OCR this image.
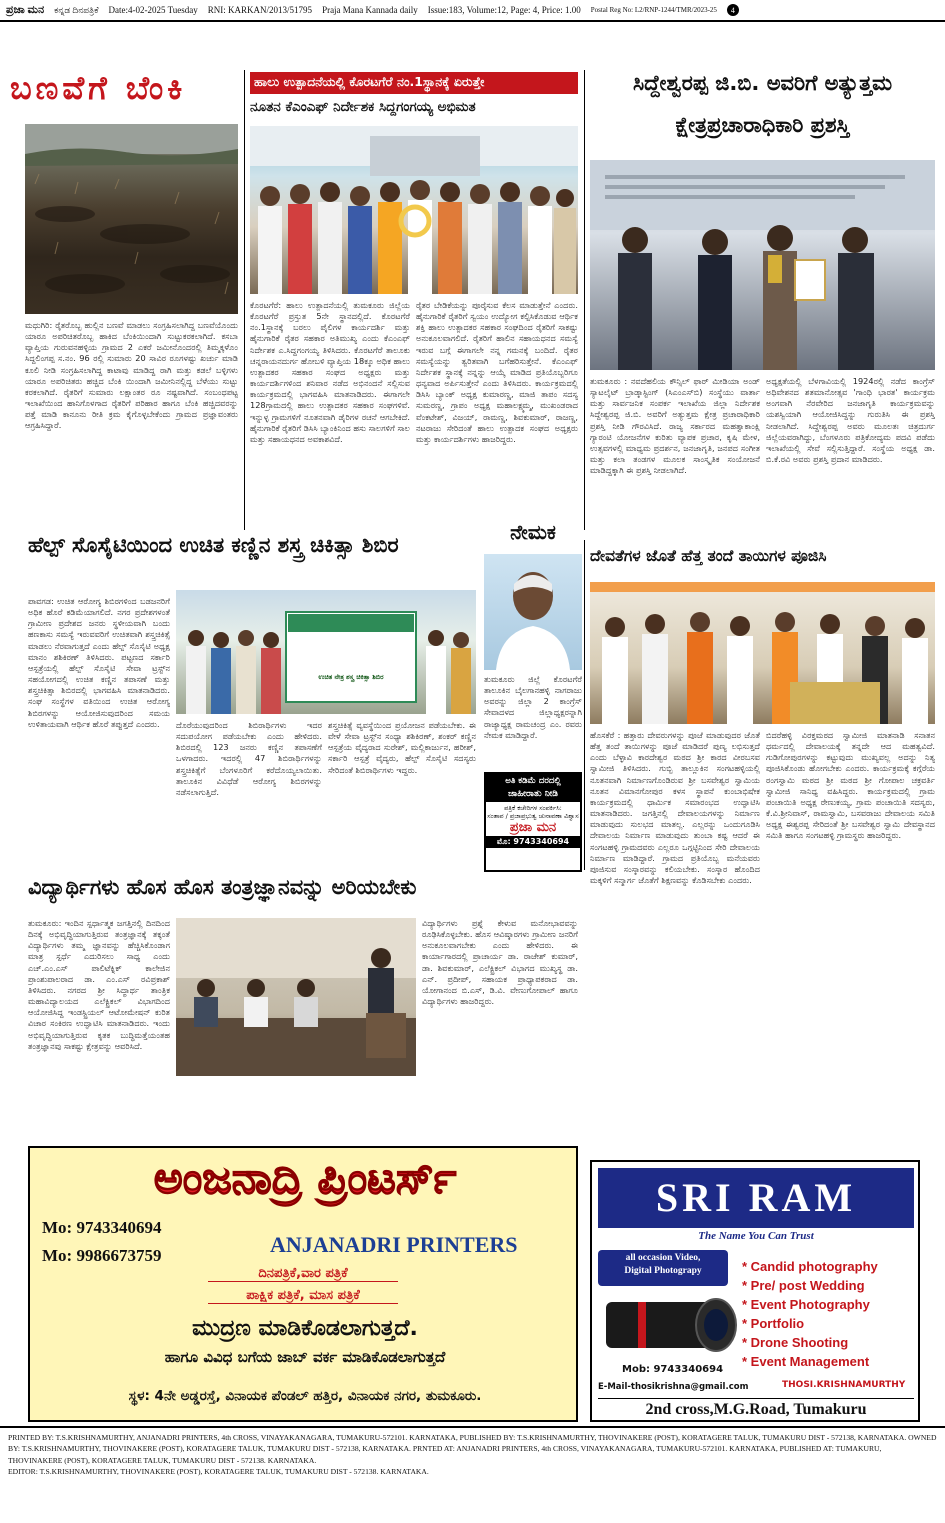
ಪ್ರಜಾ ಮನ ಕನ್ನಡ ದಿನಪತ್ರಿಕೆ Date:4-02-2025 Tuesday RNI: KARKAN/2013/51795 Praja Mana Kannada daily Issue:183, Volume:12, Page: 4, Price: 1.00 Postal Reg No: L2/RNP-1244/TMR/2023-25	4
ಬಣವೆಗೆ ಬೆಂಕಿ
ಮಧುಗಿರಿ: ರೈತರೊಬ್ಬ ಹುಲ್ಲಿನ ಬಣವೆ ಮಾಡಲು ಸಂಗ್ರಹಿಸಲಾಗಿದ್ದ ಬಣವೆಯೊಂದು ಯಾರೂ ಅಪರಿಚಿತರೊಬ್ಬ ಹಾಕಿದ ಬೆಂಕಿಯಿಂದಾಗಿ ಸುಟ್ಟುಕರಕಲಾಗಿದೆ. ಕಸಬಾ ವ್ಯಾಪ್ತಿಯ ಗುರುವನಹಳ್ಳಿಯ ಗ್ರಾಮದ 2 ಎಕರೆ ಜಮೀನೊಂದರಲ್ಲಿ ತಿಮ್ಮಕ್ಕಳೊಂ ಸಿದ್ದಲಿಂಗಪ್ಪ ಸ.ನಂ. 96 ರಲ್ಲಿ ಸುಮಾರು 20 ಸಾವಿರ ರೂಗಳಷ್ಟು ಖರ್ಚು ಮಾಡಿ ಕೂಲಿ ನೀಡಿ ಸಂಗ್ರಹಿಸಲಾಗಿದ್ದ ಕಾಟಾವು ಮಾಡಿದ್ದ ರಾಗಿ ಮತ್ತು ಕಡಲೆ ಬಳ್ಳಿಗಳು ಯಾರೂ ಅಪರಿಚಿತರು ಹಚ್ಚಿದ ಬೆಂಕಿ ಯಿಂದಾಗಿ ಜಮೀನಿನಲ್ಲಿದ್ದ ಬೆಳೆಯು ಸುಟ್ಟು ಕರಕಲಾಗಿದೆ. ರೈತರಿಗೆ ಸುಮಾರು ಲಕ್ಷಾಂತರ ರೂ ನಷ್ಟವಾಗಿದೆ. ಸಂಬಂಧಪಟ್ಟ ಇಲಾಖೆಯಿಂದ ಹಾನಿಗೊಳಗಾದ ರೈತರಿಗೆ ಪರಿಹಾರ ಹಾಗೂ ಬೆಂಕಿ ಹಚ್ಚಿದವರನ್ನು ಪತ್ತೆ ಮಾಡಿ ಕಾನೂನು ರೀತಿ ಕ್ರಮ ಕೈಗೊಳ್ಳಬೇಕೆಂದು ಗ್ರಾಮದ ಪ್ರಜ್ಞಾವಂತರು ಆಗ್ರಹಿಸಿದ್ದಾರೆ.
ಹಾಲು ಉತ್ಪಾದನೆಯಲ್ಲಿ ಕೊರಟಗೆರೆ ನಂ.1ಸ್ಥಾನಕ್ಕೆ ಏರುತ್ತೇ
ನೂತನ ಕೆಎಂಎಫ್ ನಿರ್ದೇಶಕ ಸಿದ್ದಗಂಗಯ್ಯ ಅಭಿಮತ
ಕೊರಟಗೆರೆ: ಹಾಲು ಉತ್ಪಾದನೆಯಲ್ಲಿ ತುಮಕೂರು ಜಿಲ್ಲೆಯ ಕೊರಟಗೆರೆ ಪ್ರಸ್ತುತ 5ನೇ ಸ್ಥಾನದಲ್ಲಿದೆ. ಕೊರಟಗೆರೆ ನಂ.1ಸ್ಥಾನಕ್ಕೆ ಬರಲು ಪೈಲಿಗಳ ಕಾರ್ಯದರ್ಶಿ ಮತ್ತು ಹೈನುಗಾರಿಕೆ ರೈತರ ಸಹಕಾರ ಅತಿಮುಖ್ಯ ಎಂದು ಕೆಎಂಎಫ್ ನಿರ್ದೇಶಕ ಎ.ಸಿದ್ದಗಂಗಯ್ಯ ತಿಳಿಸಿದರು. ಕೊರಟಗೆರೆ ತಾಲೂಕು ಚನ್ನರಾಯನದುರ್ಗ ಹೋಬಳಿ ವ್ಯಾಪ್ತಿಯ 18ಕ್ಕೂ ಅಧಿಕ ಹಾಲು ಉತ್ಪಾದಕರ ಸಹಕಾರ ಸಂಘದ ಅಧ್ಯಕ್ಷರು ಮತ್ತು ಕಾರ್ಯದರ್ಶಿಗಳಿಂದ ಶನಿವಾರ ನಡೆದ ಅಭಿನಂದನೆ ಸಲ್ಲಿಸುವ ಕಾರ್ಯಕ್ರಮದಲ್ಲಿ ಭಾಗವಹಿಸಿ ಮಾತನಾಡಿದರು. ಈಗಾಗಲೇ 128ಗ್ರಾಮದಲ್ಲಿ ಹಾಲು ಉತ್ಪಾದಕರ ಸಹಕಾರ ಸಂಘಗಳಿವೆ. ಇನ್ನುಳ್ಳ ಗ್ರಾಮಗಳಿಗೆ ನೂತನವಾಗಿ ಡೈರಿಗಳ ರಚನೆ ಆಗಬೇಕಿದೆ. ಹೈನುಗಾರಿಕೆ ರೈತರಿಗೆ ಡಿಸಿಸಿ ಬ್ಯಾಂಕಿನಿಂದ ಹಸು ಸಾಲಗಳಿಗೆ ಸಾಲ ಮತ್ತು ಸಹಾಯಧನದ ಅವಕಾಶವಿದೆ.
ರೈತರ ಬೇಡಿಕೆಯನ್ನು ಪೂರೈಸುವ ಕೆಲಸ ಮಾಡುತ್ತೇನೆ ಎಂದರು. ಹೈನುಗಾರಿಕೆ ರೈತರಿಗೆ ಸ್ವಯಂ ಉದ್ಯೋಗ ಕಲ್ಪಿಸಿಕೊಡುವ ಆರ್ಥಿಕ ಶಕ್ತಿ ಹಾಲು ಉತ್ಪಾದಕರ ಸಹಕಾರ ಸಂಘದಿಂದ ರೈತರಿಗೆ ಸಾಕಷ್ಟು ಅನುಕೂಲವಾಗಲಿದೆ. ರೈತರಿಗೆ ಹಾಲಿನ ಸಹಾಯಧನದ ಸಮಸ್ಯೆ ಇರುವ ಬಗ್ಗೆ ಈಗಾಗಲೇ ನನ್ನ ಗಮನಕ್ಕೆ ಬಂದಿದೆ. ರೈತರ ಸಮಸ್ಯೆಯನ್ನು ತ್ವರಿತವಾಗಿ ಬಗೆಹರಿಸುತ್ತೇನೆ. ಕೆಎಂಎಫ್ ನಿರ್ದೇಶಕ ಸ್ಥಾನಕ್ಕೆ ನನ್ನನ್ನು ಆಯ್ಕೆ ಮಾಡಿದ ಪ್ರತಿಯೊಬ್ಬರಿಗೂ ಧನ್ಯವಾದ ಅರ್ಪಿಸುತ್ತೇನೆ ಎಂದು ತಿಳಿಸಿದರು. ಕಾರ್ಯಕ್ರಮದಲ್ಲಿ ಡಿಸಿಸಿ ಬ್ಯಾಂಕ್ ಅಧ್ಯಕ್ಷ ಕುಮಾರಣ್ಣ, ಮಾಜಿ ತಾಪಂ ಸದಸ್ಯ ಸುಮರಣ್ಣ, ಗ್ರಾಪಂ ಅಧ್ಯಕ್ಷ ಮಹಾಲಕ್ಷ್ಮಮ್ಮ, ಮುಖಂಡರಾದ ವೆಂಕಟೇಶ್, ವಿಜಯ್, ರಾಮಣ್ಣ, ಶಿವಕುಮಾರ್, ರಾಜಣ್ಣ, ನಟರಾಜು ಸೇರಿದಂತೆ ಹಾಲು ಉತ್ಪಾದಕ ಸಂಘದ ಅಧ್ಯಕ್ಷರು ಮತ್ತು ಕಾರ್ಯದರ್ಶಿಗಳು ಹಾಜರಿದ್ದರು.
ಸಿದ್ದೇಶ್ವರಪ್ಪ ಜಿ.ಬಿ. ಅವರಿಗೆ ಅತ್ಯುತ್ತಮ
ಕ್ಷೇತ್ರಪ್ರಚಾರಾಧಿಕಾರಿ ಪ್ರಶಸ್ತಿ
ತುಮಕೂರು : ನವದೆಹಲಿಯ ಕೌನ್ಸಿಲ್ ಫಾರ್ ಮೀಡಿಯಾ ಅಂಡ್ ಸ್ಯಾಟಲೈಟ್ ಬ್ರಾಡ್ಕಾಸ್ಟಿಂಗ್ (ಸಿಎಂಎಸ್‌ಬಿ) ಸಂಸ್ಥೆಯು ವಾರ್ತಾ ಮತ್ತು ಸಾರ್ವಜನಿಕ ಸಂಪರ್ಕ ಇಲಾಖೆಯ ಜಿಲ್ಲಾ ನಿರ್ದೇಶಕ ಸಿದ್ದೇಶ್ವರಪ್ಪ ಜಿ.ಬಿ. ಅವರಿಗೆ ಅತ್ಯುತ್ತಮ ಕ್ಷೇತ್ರ ಪ್ರಚಾರಾಧಿಕಾರಿ ಪ್ರಶಸ್ತಿ ನೀಡಿ ಗೌರವಿಸಿದೆ. ರಾಜ್ಯ ಸರ್ಕಾರದ ಮಹತ್ವಾಕಾಂಕ್ಷಿ ಗ್ಯಾರಂಟಿ ಯೋಜನೆಗಳ ಕುರಿತು ವ್ಯಾಪಕ ಪ್ರಚಾರ, ಕೃಷಿ ಮೇಳ, ಉತ್ಸವಗಳಲ್ಲಿ ಮಾಧ್ಯಮ ಪ್ರದರ್ಶನ, ಜನಜಾಗೃತಿ, ಜನಪದ ಸಂಗೀತ ಮತ್ತು ಕಲಾ ತಂಡಗಳ ಮೂಲಕ ಸಾಂಸ್ಕೃತಿಕ ಸಂಯೋಜನೆ ಮಾಡಿದ್ದಕ್ಕಾಗಿ ಈ ಪ್ರಶಸ್ತಿ ನೀಡಲಾಗಿದೆ.
ಅಧ್ಯಕ್ಷತೆಯಲ್ಲಿ ಬೆಳಗಾವಿಯಲ್ಲಿ 1924ರಲ್ಲಿ ನಡೆದ ಕಾಂಗ್ರೆಸ್ ಅಧಿವೇಶನದ ಶತಮಾನೋತ್ಸವ 'ಗಾಂಧಿ ಭಾರತ' ಕಾರ್ಯಕ್ರಮ ಅಂಗವಾಗಿ ನೆರವೇರಿದ ಜನಜಾಗೃತಿ ಕಾರ್ಯಕ್ರಮವನ್ನು ಯಶಸ್ವಿಯಾಗಿ ಆಯೋಜಿಸಿದ್ದನ್ನು ಗುರುತಿಸಿ ಈ ಪ್ರಶಸ್ತಿ ನೀಡಲಾಗಿದೆ. ಸಿದ್ದೇಶ್ವರಪ್ಪ ಅವರು ಮೂಲತಃ ಚಿತ್ರದುರ್ಗ ಜಿಲ್ಲೆಯವರಾಗಿದ್ದು, ಬೆಂಗಳೂರು ಪತ್ರಿಕೋದ್ಯಮ ಪದವಿ ಪಡೆದು ಇಲಾಖೆಯಲ್ಲಿ ಸೇವೆ ಸಲ್ಲಿಸುತ್ತಿದ್ದಾರೆ. ಸಂಸ್ಥೆಯ ಅಧ್ಯಕ್ಷ ಡಾ. ಬಿ.ಕೆ.ರವಿ ಅವರು ಪ್ರಶಸ್ತಿ ಪ್ರದಾನ ಮಾಡಿದರು.
ಹೆಲ್ಪ್ ಸೊಸೈಟಿಯಿಂದ ಉಚಿತ ಕಣ್ಣಿನ ಶಸ್ತ್ರ ಚಿಕಿತ್ಸಾ ಶಿಬಿರ
ಪಾವಗಡ: ಉಚಿತ ಆರೋಗ್ಯ ಶಿಬಿರಗಳಿಂದ ಬಡಜನರಿಗೆ ಅಧಿಕ ಹೊರೆ ಕಡಿಮೆಯಾಗಲಿದೆ. ನಗರ ಪ್ರದೇಶಗಳಂತೆ ಗ್ರಾಮೀಣ ಪ್ರದೇಶದ ಜನರು ಸ್ಥಳೀಯವಾಗಿ ಬಂದು ಹಣಕಾಸು ಸಮಸ್ಯೆ ಇರುವವರಿಗೆ ಉಚಿತವಾಗಿ ಶಸ್ತ್ರಚಿಕಿತ್ಸೆ ಮಾಡಲು ನೆರವಾಗುತ್ತದೆ ಎಂದು ಹೆಲ್ಪ್ ಸೊಸೈಟಿ ಅಧ್ಯಕ್ಷ ಮಾನಂ ಶಶಿಕಿರಣ್ ತಿಳಿಸಿದರು. ಪಟ್ಟಣದ ಸರ್ಕಾರಿ ಆಸ್ಪತ್ರೆಯಲ್ಲಿ ಹೆಲ್ಪ್ ಸೊಸೈಟಿ ಸೇವಾ ಟ್ರಸ್ಟ್‌ನ ಸಹಯೋಗದಲ್ಲಿ ಉಚಿತ ಕಣ್ಣಿನ ತಪಾಸಣೆ ಮತ್ತು ಶಸ್ತ್ರಚಿಕಿತ್ಸಾ ಶಿಬಿರದಲ್ಲಿ ಭಾಗವಹಿಸಿ ಮಾತನಾಡಿದರು. ಸಂಘ ಸಂಸ್ಥೆಗಳ ವತಿಯಿಂದ ಉಚಿತ ಆರೋಗ್ಯ ಶಿಬಿರಗಳನ್ನು ಆಯೋಜಿಸುವುದರಿಂದ ಸಮಯ ಉಳಿತಾಯವಾಗಿ ಆರ್ಥಿಕ ಹೊರೆ ತಪ್ಪುತ್ತದೆ ಎಂದರು.
ಉಚಿತ ನೇತ್ರ ಶಸ್ತ್ರ ಚಿಕಿತ್ಸಾ ಶಿಬಿರ
ದೊರೆಯುವುದರಿಂದ ಶಿಬಿರಾರ್ಥಿಗಳು ಇದರ ಸದುಪಯೋಗ ಪಡೆಯಬೇಕು ಎಂದು ಹೇಳಿದರು. ಶಿಬಿರದಲ್ಲಿ 123 ಜನರು ಕಣ್ಣಿನ ತಪಾಸಣೆಗೆ ಒಳಗಾದರು. ಇದರಲ್ಲಿ 47 ಶಿಬಿರಾರ್ಥಿಗಳನ್ನು ಶಸ್ತ್ರಚಿಕಿತ್ಸೆಗೆ ಬೆಂಗಳೂರಿಗೆ ಕರೆದೊಯ್ಯಲಾಯಿತು. ತಾಲೂಕಿನ ವಿವಿಧೆಡೆ ಆರೋಗ್ಯ ಶಿಬಿರಗಳನ್ನು ನಡೆಸಲಾಗುತ್ತಿದೆ.
ಶಸ್ತ್ರಚಿಕಿತ್ಸೆ ವ್ಯವಸ್ಥೆಯಿಂದ ಪ್ರಯೋಜನ ಪಡೆಯಬೇಕು. ಈ ವೇಳೆ ಸೇವಾ ಟ್ರಸ್ಟ್‌ನ ಸಂಧ್ಯಾ ಶಶಿಕಿರಣ್, ಶಂಕರ್ ಕಣ್ಣಿನ ಆಸ್ಪತ್ರೆಯ ವೈದ್ಯರಾದ ಸುರೇಶ್, ಮಲ್ಲಿಕಾರ್ಜುನ, ಹರೀಶ್, ಸರ್ಕಾರಿ ಆಸ್ಪತ್ರೆ ವೈದ್ಯರು, ಹೆಲ್ಪ್ ಸೊಸೈಟಿ ಸದಸ್ಯರು ಸೇರಿದಂತೆ ಶಿಬಿರಾರ್ಥಿಗಳು ಇದ್ದರು.
ನೇಮಕ
ತುಮಕೂರು ಜಿಲ್ಲೆ ಕೊರಟಗೆರೆ ತಾಲೂಕಿನ ಬೈಲಗಾನಹಳ್ಳಿ ನಾಗರಾಜು ಅವರನ್ನು ಜಿಲ್ಲಾ 2 ಕಾಂಗ್ರೆಸ್ ಸೇವಾದಳದ ಜಿಲ್ಲಾಧ್ಯಕ್ಷರನ್ನಾಗಿ ರಾಜ್ಯಾಧ್ಯಕ್ಷ ರಾಮಚಂದ್ರ ಎಂ. ರವರು ನೇಮಕ ಮಾಡಿದ್ದಾರೆ.
ಅತಿ ಕಡಿಮೆ ದರದಲ್ಲಿ
ಜಾಹೀರಾತು ನೀಡಿ
ಪತ್ರಿಕೆ ಕಚೇರಿಗಳ ಸಂಪರ್ಕಿಸಿ:
ಸಂತಾಪ / ಪ್ರಜಾಪ್ರಭುತ್ವ ಚುನಾವಣಾ ವಿಶ್ವಾಸ
ಪ್ರಜಾ ಮನ
ಮೊ: 9743340694
ದೇವತೆಗಳ ಜೊತೆ ಹೆತ್ತ ತಂದೆ ತಾಯಿಗಳ ಪೂಜಿಸಿ
ಹೊಸಕೆರೆ : ಹತ್ತಾರು ದೇವರುಗಳನ್ನು ಪೂಜೆ ಮಾಡುವುದರ ಜೊತೆ ಹೆತ್ತ ತಂದೆ ತಾಯಿಗಳನ್ನು ಪೂಜೆ ಮಾಡಿದರೆ ಪುಣ್ಯ ಲಭಿಸುತ್ತದೆ ಎಂದು ಬೆಳ್ಳಾವಿ ಕಾರದೇಶ್ವರ ಮಠದ ಶ್ರೀ ಕಾರದ ವೀರಬಸವ ಸ್ವಾಮೀಜಿ ತಿಳಿಸಿದರು. ಗುಬ್ಬಿ ತಾಲ್ಲೂಕಿನ ಸಂಗಟಹಳ್ಳಿಯಲ್ಲಿ ನೂತನವಾಗಿ ನಿರ್ಮಾಣಗೊಂಡಿರುವ ಶ್ರೀ ಬಸವೇಶ್ವರ ಸ್ವಾಮಿಯ ನೂತನ ವಿಮಾನಗೋಪುರ ಕಳಸ ಸ್ಥಾಪನೆ ಕುಂಬಾಭಿಷೇಕ ಕಾರ್ಯಕ್ರಮದಲ್ಲಿ ಧಾರ್ಮಿಕ ಸಮಾರಂಭದ ಉದ್ಘಾಟಿಸಿ ಮಾತನಾಡಿದರು. ಜಗತ್ತಿನಲ್ಲಿ ದೇವಾಲಯಗಳನ್ನು ನಿರ್ಮಾಣ ಮಾಡುವುದು ಸುಲಭದ ಮಾತಲ್ಲ. ಎಲ್ಲರನ್ನು ಒಂದುಗೂಡಿಸಿ ದೇವಾಲಯ ನಿರ್ಮಾಣ ಮಾಡುವುದು ತುಂಬಾ ಕಷ್ಟ ಆದರೆ ಈ ಸಂಗಟಹಳ್ಳಿ ಗ್ರಾಮದವರು ಎಲ್ಲರೂ ಒಗ್ಗಟ್ಟಿನಿಂದ ಸೇರಿ ದೇವಾಲಯ ನಿರ್ಮಾಣ ಮಾಡಿದ್ದಾರೆ. ಗ್ರಾಮದ ಪ್ರತಿಯೊಬ್ಬ ಮನೆಯವರು ಪೂಜಿಸುವ ಸಂಸ್ಕಾರವನ್ನು ಕಲಿಯಬೇಕು. ಸಂಸ್ಕಾರ ಹೊಂದಿದ ಮಕ್ಕಳಿಗೆ ಸನ್ಮಾರ್ಗ ಜೊತೆಗೆ ಶಿಕ್ಷಣವನ್ನು ಕೊಡಿಸಬೇಕು ಎಂದರು.
ಬಿದರೆಹಳ್ಳಿ ವಿರಕ್ತಮಠದ ಸ್ವಾಮೀಜಿ ಮಾತನಾಡಿ ಸನಾತನ ಧರ್ಮದಲ್ಲಿ ದೇವಾಲಯಕ್ಕೆ ತನ್ನದೇ ಆದ ಮಹತ್ವವಿದೆ. ಗುಡಿಗೋಪುರಗಳನ್ನು ಕಟ್ಟುವುದು ಮುಖ್ಯವಲ್ಲ ಅದನ್ನು ನಿತ್ಯ ಪೂಜಿಸಿಕೊಂಡು ಹೋಗಬೇಕು ಎಂದರು. ಕಾರ್ಯಕ್ರಮಕ್ಕೆ ಕಗ್ಗೆರೆಯ ರಂಗಸ್ವಾಮಿ ಮಠದ ಶ್ರೀ ಮಠದ ಶ್ರೀ ಗೋಪಾಲ ಚಕ್ರವರ್ತಿ ಸ್ವಾಮೀಜಿ ಸಾನಿಧ್ಯ ವಹಿಸಿದ್ದರು. ಕಾರ್ಯಕ್ರಮದಲ್ಲಿ ಗ್ರಾಮ ಪಂಚಾಯಿತಿ ಅಧ್ಯಕ್ಷ ರೇಣುಕಯ್ಯ, ಗ್ರಾಮ ಪಂಚಾಯಿತಿ ಸದಸ್ಯರು, ಕೆ.ವಿ.ಶ್ರೀನಿವಾಸ್, ರಾಮಸ್ವಾಮಿ, ಬಸವರಾಜು ದೇವಾಲಯ ಸಮಿತಿ ಅಧ್ಯಕ್ಷ ಈಶ್ವರಪ್ಪ ಸೇರಿದಂತೆ ಶ್ರೀ ಬಸವೇಶ್ವರ ಸ್ವಾಮಿ ದೇವಸ್ಥಾನದ ಸಮಿತಿ ಹಾಗೂ ಸಂಗಟಹಳ್ಳಿ ಗ್ರಾಮಸ್ಥರು ಹಾಜರಿದ್ದರು.
ವಿದ್ಯಾರ್ಥಿಗಳು ಹೊಸ ಹೊಸ ತಂತ್ರಜ್ಞಾನವನ್ನು ಅರಿಯಬೇಕು
ತುಮಕೂರು: ಇಂದಿನ ಸ್ಪರ್ಧಾತ್ಮಕ ಜಗತ್ತಿನಲ್ಲಿ ದಿನದಿಂದ ದಿನಕ್ಕೆ ಅಭಿವೃದ್ಧಿಯಾಗುತ್ತಿರುವ ತಂತ್ರಜ್ಞಾನಕ್ಕೆ ತಕ್ಕಂತೆ ವಿದ್ಯಾರ್ಥಿಗಳು ತಮ್ಮ ಜ್ಞಾನವನ್ನು ಹೆಚ್ಚಿಸಿಕೊಂಡಾಗ ಮಾತ್ರ ಸ್ಪರ್ಧೆ ಎದುರಿಸಲು ಸಾಧ್ಯ ಎಂದು ಎಚ್.ಎಂ.ಎಸ್ ಪಾಲಿಟೆಕ್ನಿಕ್ ಕಾಲೇಜಿನ ಪ್ರಾಂಶುಪಾಲರಾದ ಡಾ. ಎಂ.ಎಸ್ ರವಿಪ್ರಕಾಶ್ ತಿಳಿಸಿದರು. ನಗರದ ಶ್ರೀ ಸಿದ್ಧಾರ್ಥ ತಾಂತ್ರಿಕ ಮಹಾವಿದ್ಯಾಲಯದ ಎಲೆಕ್ಟ್ರಿಕಲ್ ವಿಭಾಗದಿಂದ ಆಯೋಜಿಸಿದ್ದ ಇಂಡಸ್ಟ್ರಿಯಲ್ ಆಟೋಮೇಷನ್ ಕುರಿತ ವಿಚಾರ ಸಂಕಿರಣ ಉದ್ಘಾಟಿಸಿ ಮಾತನಾಡಿದರು. ಇಂದು ಅಭಿವೃದ್ಧಿಯಾಗುತ್ತಿರುವ ಕೃತಕ ಬುದ್ಧಿಮತ್ತೆಯಂತಹ ತಂತ್ರಜ್ಞಾನವು ಸಾಕಷ್ಟು ಕ್ಷೇತ್ರವನ್ನು ಆವರಿಸಿದೆ.
ವಿದ್ಯಾರ್ಥಿಗಳು ಪ್ರಶ್ನೆ ಕೇಳುವ ಮನೋಭಾವವನ್ನು ರೂಢಿಸಿಕೊಳ್ಳಬೇಕು. ಹೊಸ ಆವಿಷ್ಕಾರಗಳು ಗ್ರಾಮೀಣ ಜನರಿಗೆ ಅನುಕೂಲವಾಗಬೇಕು ಎಂದು ಹೇಳಿದರು. ಈ ಕಾರ್ಯಾಗಾರದಲ್ಲಿ ಪ್ರಾಚಾರ್ಯ ಡಾ. ರಾಜೇಶ್ ಕುಮಾರ್, ಡಾ. ಶಿವಕುಮಾರ್, ಎಲೆಕ್ಟ್ರಿಕಲ್ ವಿಭಾಗದ ಮುಖ್ಯಸ್ಥ ಡಾ. ಎನ್. ಪ್ರದೀಪ್, ಸಹಾಯಕ ಪ್ರಾಧ್ಯಾಪಕರಾದ ಡಾ. ಯೋಗಾನಂದ ಬಿ.ಎಸ್, ಡಿ.ವಿ. ವೇಣುಗೋಪಾಲ್ ಹಾಗೂ ವಿದ್ಯಾರ್ಥಿಗಳು ಹಾಜರಿದ್ದರು.
ಅಂಜನಾದ್ರಿ ಪ್ರಿಂಟರ್ಸ್
Mo: 9743340694
Mo: 9986673759	ANJANADRI PRINTERS
ದಿನಪತ್ರಿಕೆ,ವಾರ ಪತ್ರಿಕೆ
ಪಾಕ್ಷಿಕ ಪತ್ರಿಕೆ, ಮಾಸ ಪತ್ರಿಕೆ
ಮುದ್ರಣ ಮಾಡಿಕೊಡಲಾಗುತ್ತದೆ.
ಹಾಗೂ ವಿವಿಧ ಬಗೆಯ ಜಾಬ್ ವರ್ಕ ಮಾಡಿಕೊಡಲಾಗುತ್ತದೆ
ಸ್ಥಳ: 4ನೇ ಅಡ್ಡರಸ್ತೆ, ವಿನಾಯಕ ಪೆಂಡಲ್ ಹತ್ತಿರ, ವಿನಾಯಕ ನಗರ, ತುಮಕೂರು.
SRI RAM
The Name You Can Trust
all occasion Video,
Digital Photograpy	* Candid photography
* Pre/ post Wedding
* Event Photography
* Portfolio
* Drone Shooting
* Event Management
Mob: 9743340694
E-Mail-thosikrishna@gmail.com	THOSI.KRISHNAMURTHY
2nd cross,M.G.Road, Tumakuru
PRINTED BY: T.S.KRISHNAMURTHY, ANJANADRI PRINTERS, 4th CROSS, VINAYAKANAGARA, TUMAKURU-572101. KARNATAKA, PUBLISHED BY: T.S.KRISHNAMURTHY, THOVINAKERE (POST), KORATAGERE TALUK, TUMAKURU DIST - 572138, KARNATAKA. OWNED BY: T.S.KRISHNAMURTHY, THOVINAKERE (POST), KORATAGERE TALUK, TUMAKURU DIST - 572138, KARNATAKA. PRNTED AT: ANJANADRI PRINTERS, 4th CROSS, VINAYAKANAGARA, TUMAKURU-572101. KARNATAKA, PUBLISHED AT: TUMAKURU, THOVINAKERE (POST), KORATAGERE TALUK, TUMAKURU DIST - 572138. KARNATAKA.
EDITOR: T.S.KRISHNAMURTHY, THOVINAKERE (POST), KORATAGERE TALUK, TUMAKURU DIST - 572138. KARNATAKA.
